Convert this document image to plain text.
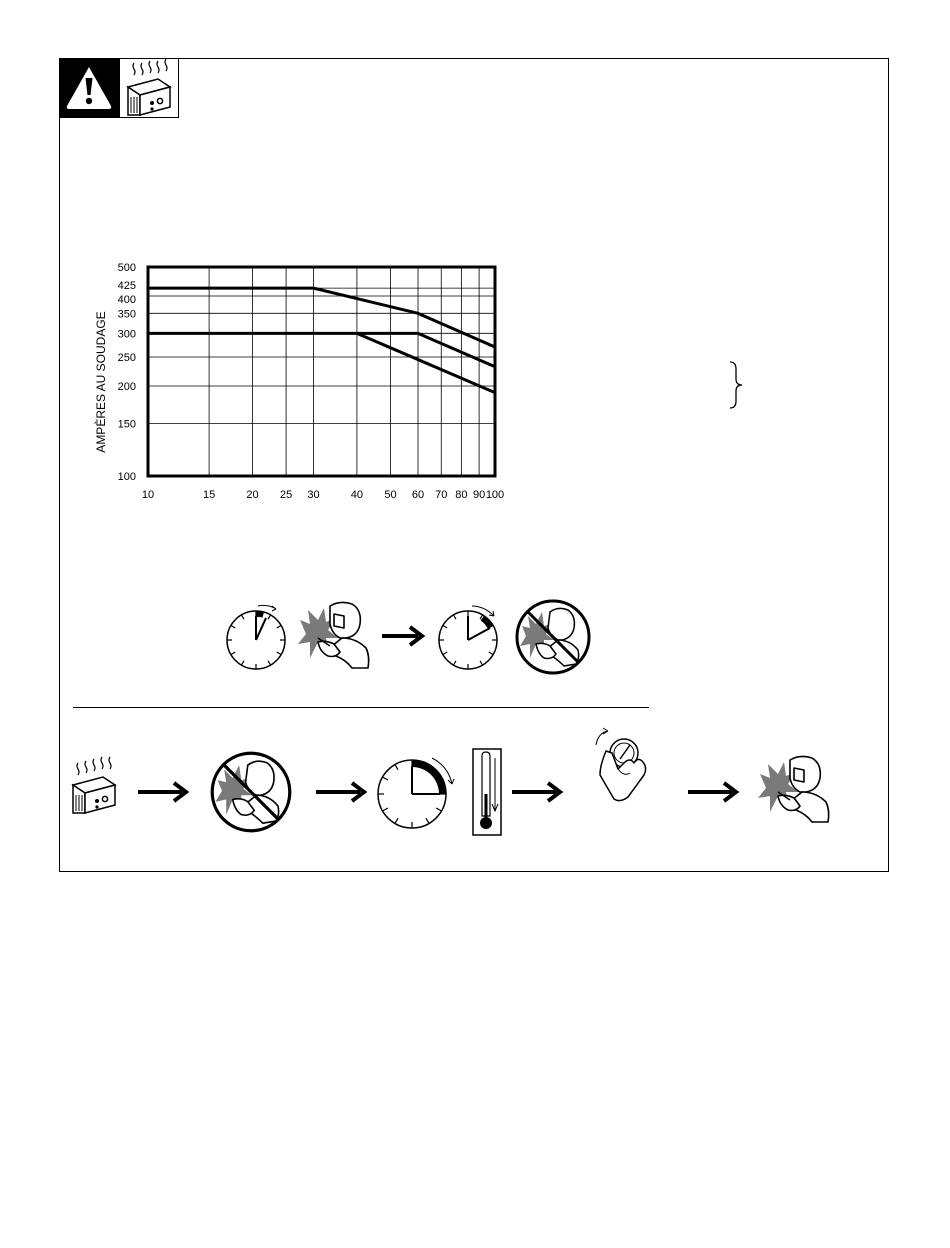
100
150
200
250
300
350
400
425
500
10	15	20 25 30	40 50 60 70 80 90 100
AMPÈRES AU SOUDAGE
